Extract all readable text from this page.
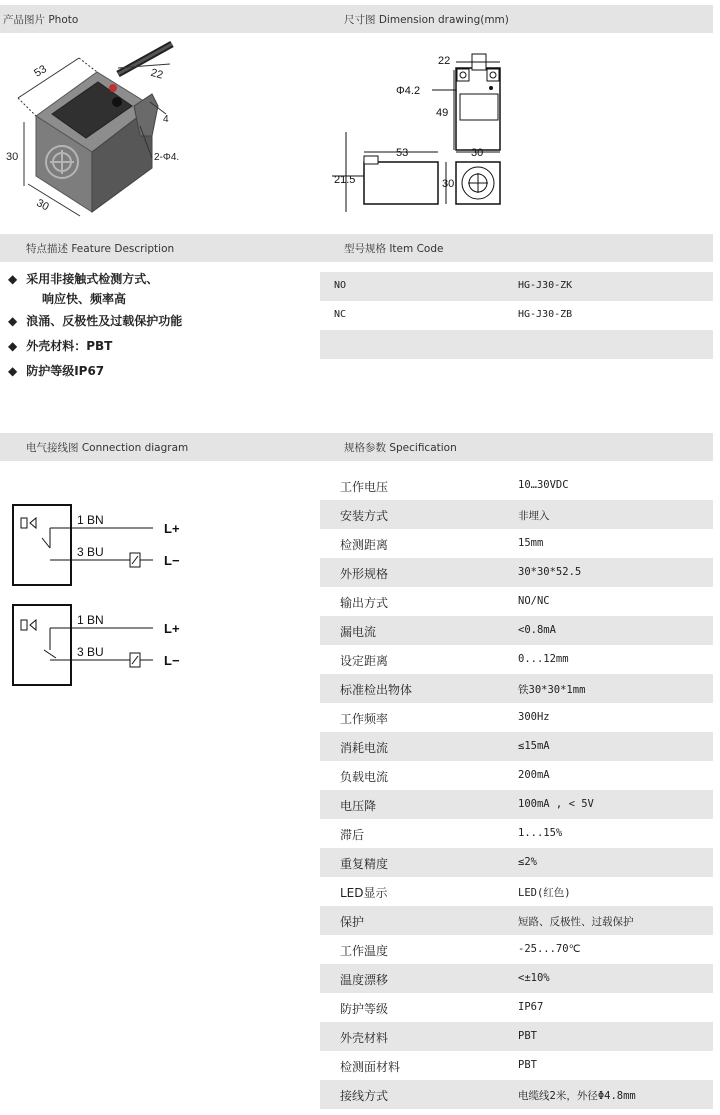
产品图片 Photo	尺寸图 Dimension drawing(mm)
53	22
4
2-Φ4.
30
30
22
Φ4.2
49
53
21.5	30
30
特点描述 Feature Description	型号规格 Item Code
◆ 采用非接触式检测方式、
响应快、频率高
◆ 浪涌、反极性及过载保护功能
◆ 外壳材料：PBT
◆ 防护等级IP67
NO	HG-J30-ZK
NC	HG-J30-ZB
电气接线图 Connection diagram	规格参数 Specification
1 BN
3 BU
L+
L−
1 BN
3 BU
L+
L−
工作电压	10…30VDC
安装方式	非埋入
检测距离	15mm
外形规格	30*30*52.5
输出方式	NO/NC
漏电流	<0.8mA
设定距离	0...12mm
标准检出物体	铁30*30*1mm
工作频率	300Hz
消耗电流	≤15mA
负载电流	200mA
电压降	100mA , < 5V
滞后	1...15%
重复精度	≤2%
LED显示	LED(红色)
保护	短路、反极性、过载保护
工作温度	-25...70℃
温度漂移	<±10%
防护等级	IP67
外壳材料	PBT
检测面材料	PBT
接线方式	电缆线2米，外径Φ4.8mm
